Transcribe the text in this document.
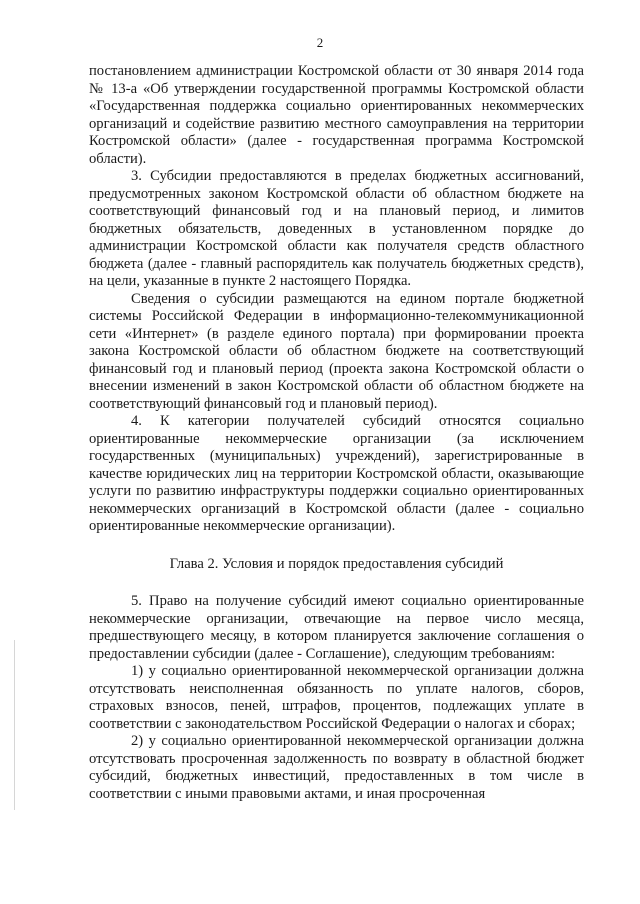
2

постановлением администрации Костромской области от 30 января 2014 года № 13-а «Об утверждении государственной программы Костромской области «Государственная поддержка социально ориентированных некоммерческих организаций и содействие развитию местного самоуправления на территории Костромской области» (далее - государственная программа Костромской области).

3. Субсидии предоставляются в пределах бюджетных ассигнований, предусмотренных законом Костромской области об областном бюджете на соответствующий финансовый год и на плановый период, и лимитов бюджетных обязательств, доведенных в установленном порядке до администрации Костромской области как получателя средств областного бюджета (далее - главный распорядитель как получатель бюджетных средств), на цели, указанные в пункте 2 настоящего Порядка.

Сведения о субсидии размещаются на едином портале бюджетной системы Российской Федерации в информационно-телекоммуникационной сети «Интернет» (в разделе единого портала) при формировании проекта закона Костромской области об областном бюджете на соответствующий финансовый год и плановый период (проекта закона Костромской области о внесении изменений в закон Костромской области об областном бюджете на соответствующий финансовый год и плановый период).

4. К категории получателей субсидий относятся социально ориентированные некоммерческие организации (за исключением государственных (муниципальных) учреждений), зарегистрированные в качестве юридических лиц на территории Костромской области, оказывающие услуги по развитию инфраструктуры поддержки социально ориентированных некоммерческих организаций в Костромской области (далее - социально ориентированные некоммерческие организации).

Глава 2. Условия и порядок предоставления субсидий

5. Право на получение субсидий имеют социально ориентированные некоммерческие организации, отвечающие на первое число месяца, предшествующего месяцу, в котором планируется заключение соглашения о предоставлении субсидии (далее - Соглашение), следующим требованиям:

1) у социально ориентированной некоммерческой организации должна отсутствовать неисполненная обязанность по уплате налогов, сборов, страховых взносов, пеней, штрафов, процентов, подлежащих уплате в соответствии с законодательством Российской Федерации о налогах и сборах;

2) у социально ориентированной некоммерческой организации должна отсутствовать просроченная задолженность по возврату в областной бюджет субсидий, бюджетных инвестиций, предоставленных в том числе в соответствии с иными правовыми актами, и иная просроченная
